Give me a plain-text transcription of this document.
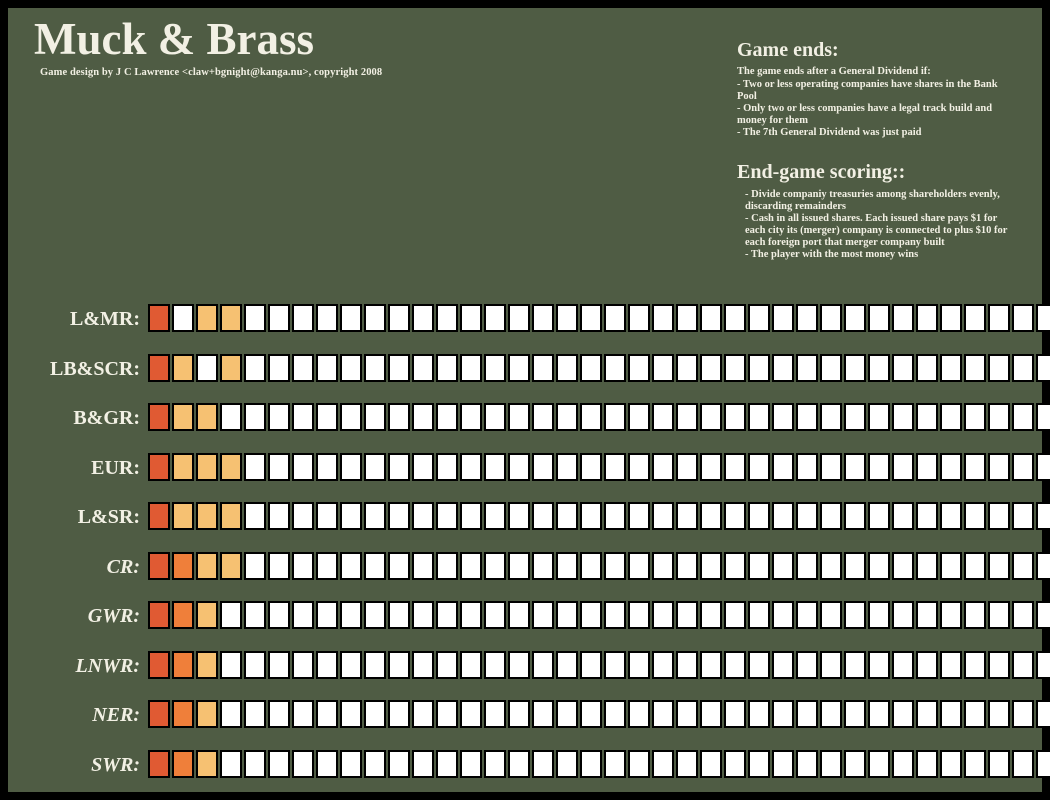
Muck & Brass
Game design by J C Lawrence <claw+bgnight@kanga.nu>, copyright 2008
Game ends:
The game ends after a General Dividend if:
- Two or less operating companies have shares in the Bank Pool
- Only two or less companies have a legal track build and money for them
- The 7th General Dividend was just paid
End-game scoring::
- Divide companiy treasuries among shareholders evenly, discarding remainders
- Cash in all issued shares. Each issued share pays $1 for each city its (merger) company is connected to plus $10 for each foreign port that merger company built
- The player with the most money wins
L&MR:
LB&SCR:
B&GR:
EUR:
L&SR:
CR:
GWR:
LNWR:
NER:
SWR:
